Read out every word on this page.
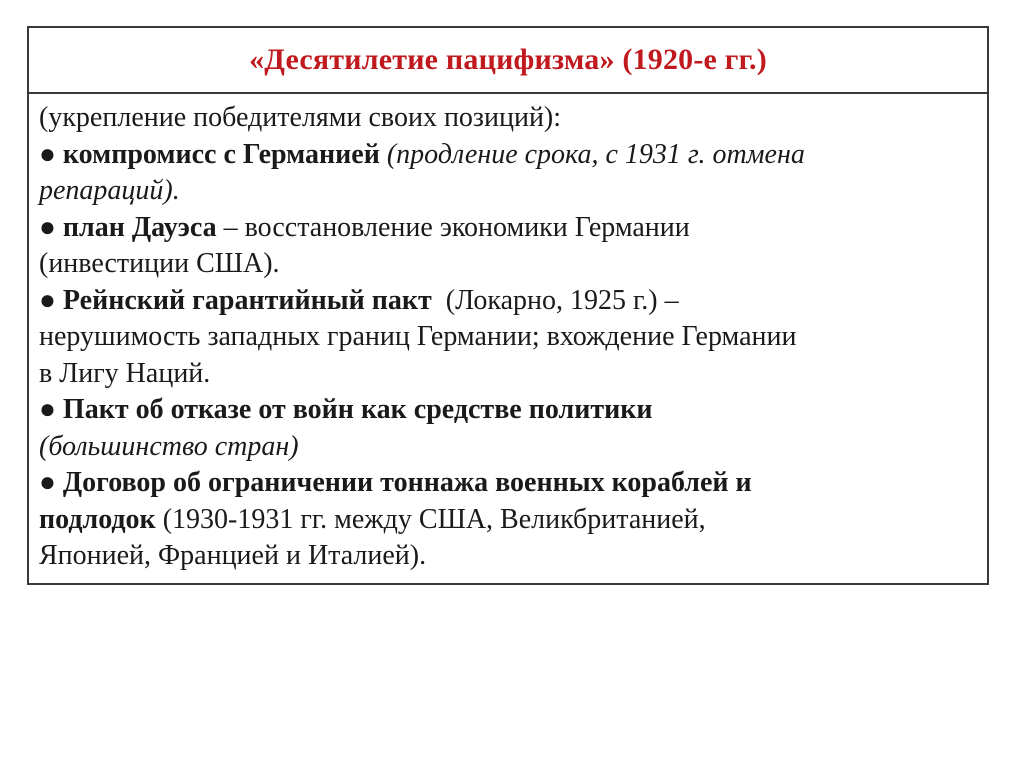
«Десятилетие пацифизма» (1920-е гг.)
(укрепление победителями своих позиций):
● компромисс с Германией (продление срока, с 1931 г. отмена
репараций).
● план Дауэса – восстановление экономики Германии
(инвестиции США).
● Рейнский гарантийный пакт  (Локарно, 1925 г.) –
нерушимость западных границ Германии; вхождение Германии
в Лигу Наций.
● Пакт об отказе от войн как средстве политики
(большинство стран)
● Договор об ограничении тоннажа военных кораблей и
подлодок (1930-1931 гг. между США, Великбританией,
Японией, Францией и Италией).
